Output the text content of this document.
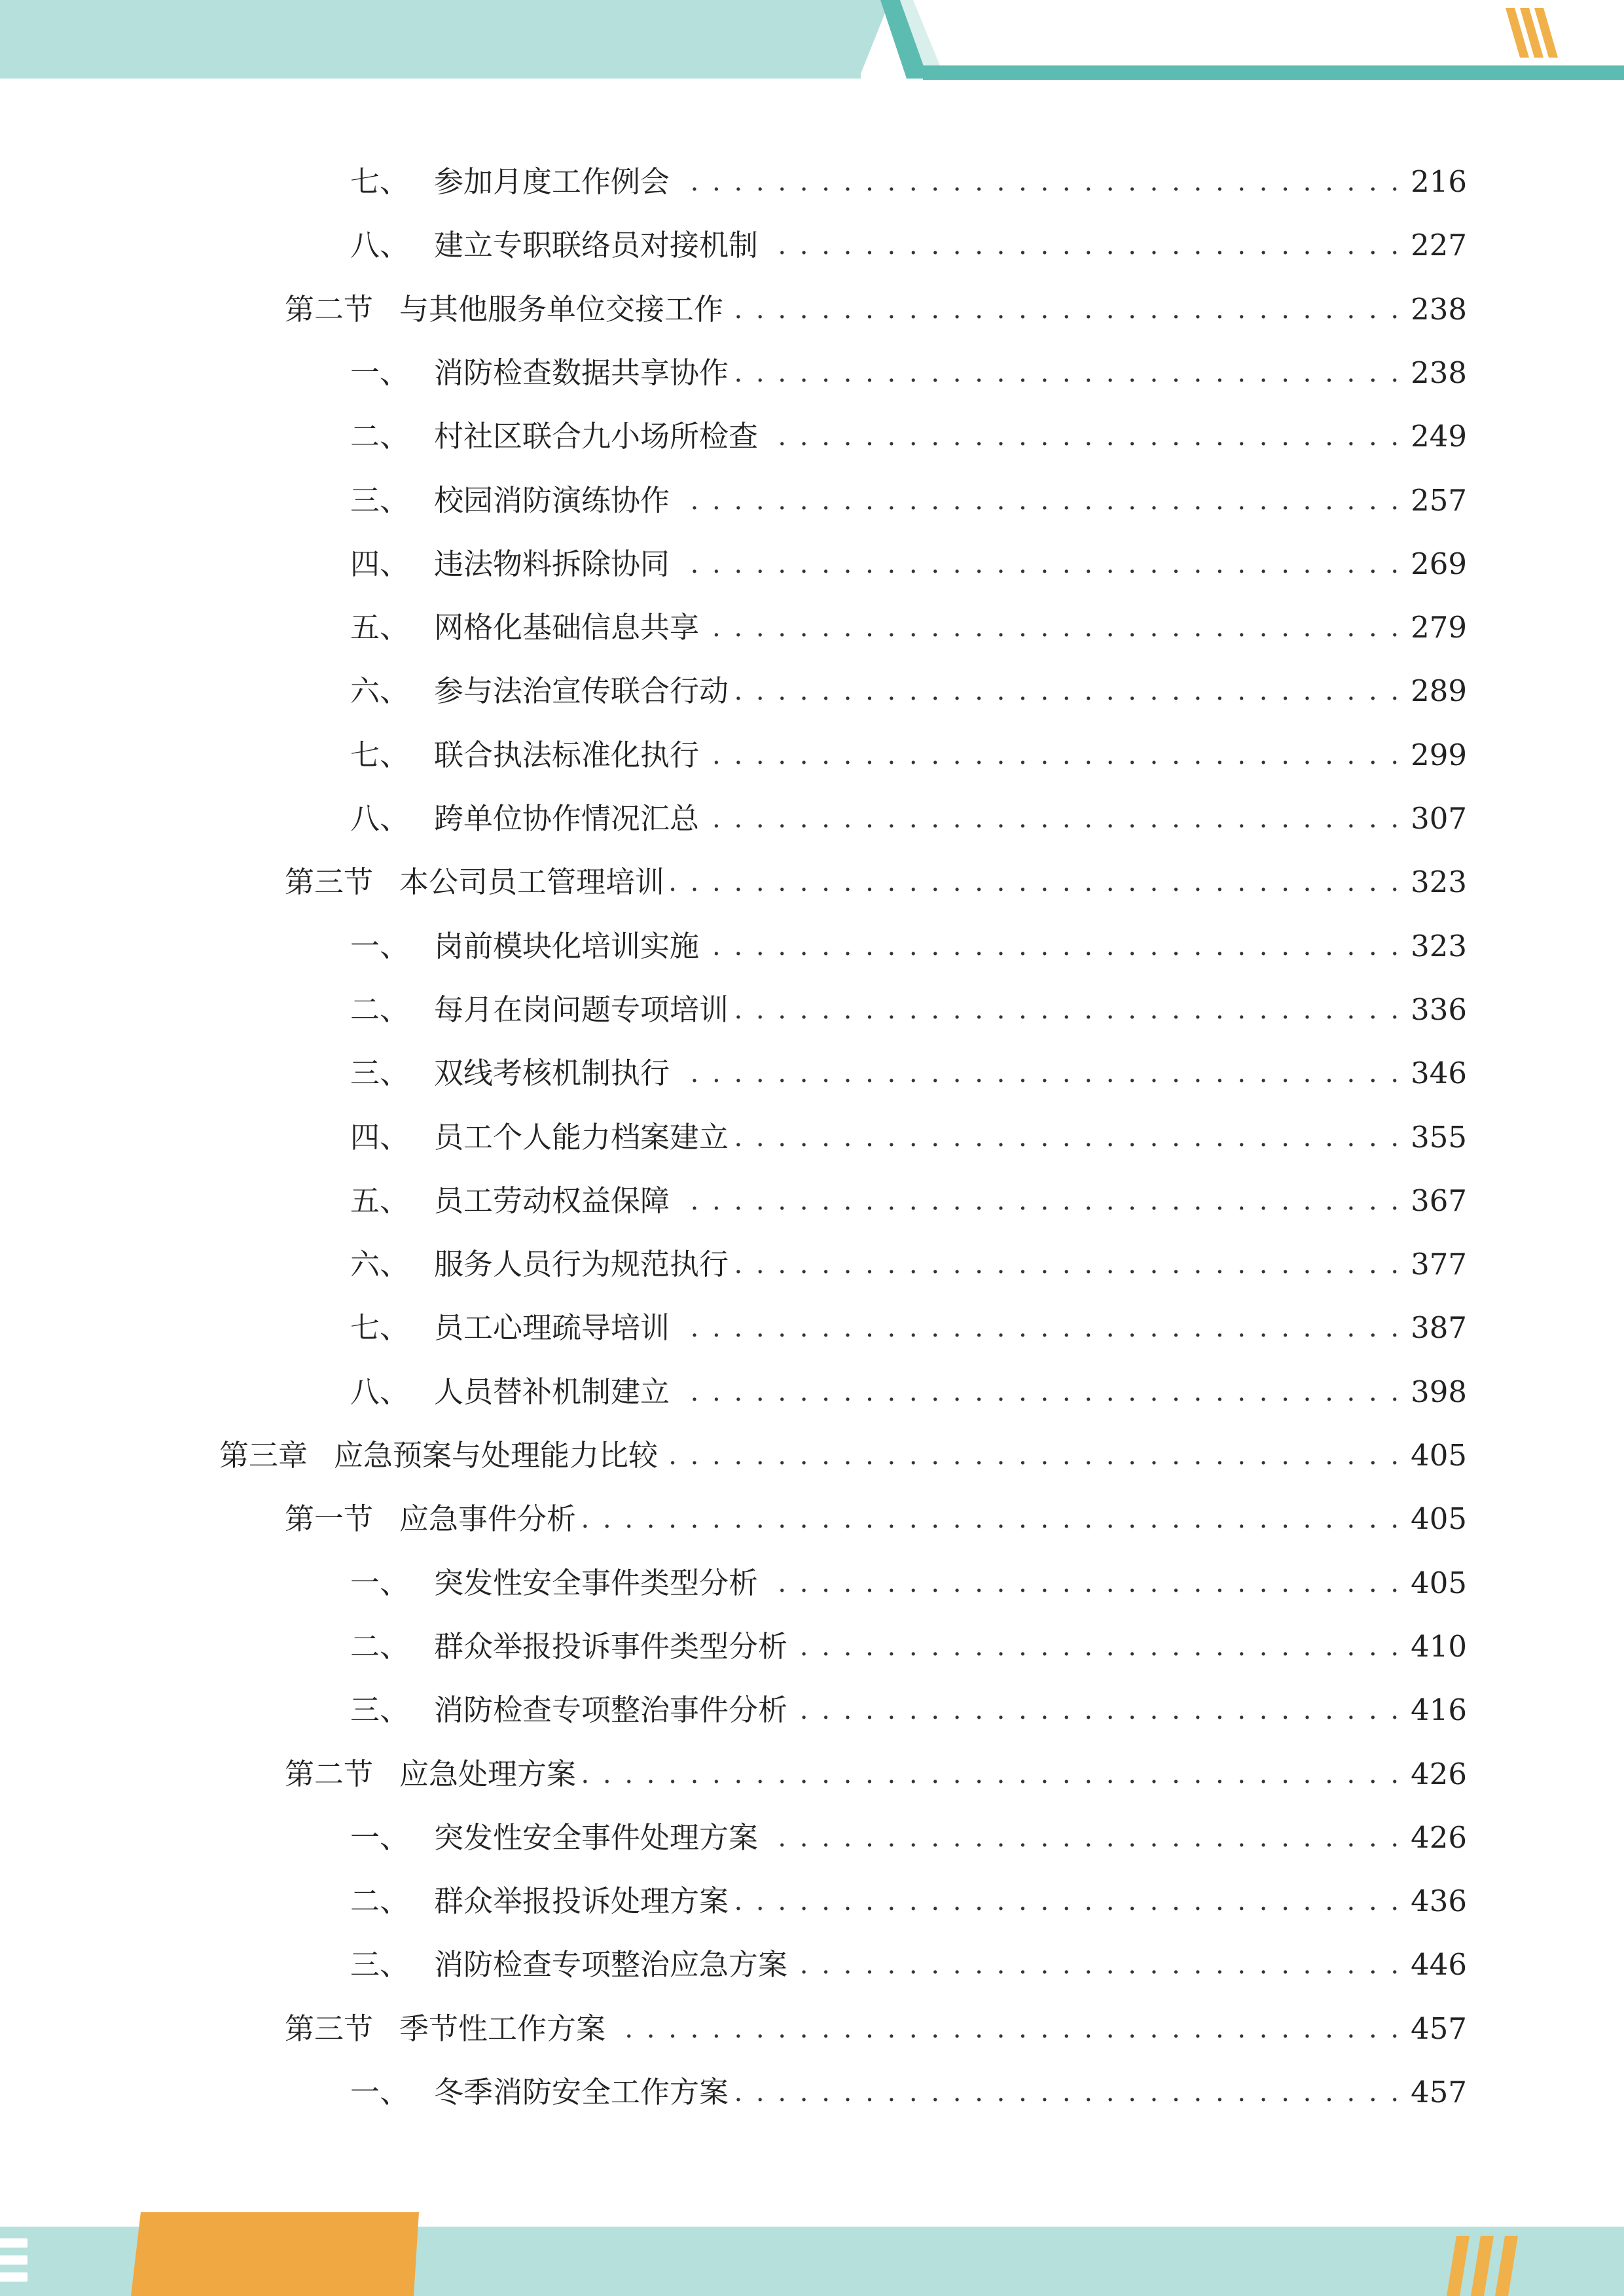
七、 参加月度工作例会 . . .	216
八、 建立专职联络员对接机制 . . .	227
第二节 与其他服务单位交接工作 . . .	238
一、 消防检查数据共享协作 . . .	238
二、 村社区联合九小场所检查 . . .	249
三、 校园消防演练协作 . . .	257
四、 违法物料拆除协同 . . .	269
五、 网格化基础信息共享 . . .	279
六、 参与法治宣传联合行动 . . .	289
七、 联合执法标准化执行 . . .	299
八、 跨单位协作情况汇总 . . .	307
第三节 本公司员工管理培训 . . .	323
一、 岗前模块化培训实施 . . .	323
二、 每月在岗问题专项培训 . . .	336
三、 双线考核机制执行 . . .	346
四、 员工个人能力档案建立 . . .	355
五、 员工劳动权益保障 . . .	367
六、 服务人员行为规范执行 . . .	377
七、 员工心理疏导培训 . . .	387
八、 人员替补机制建立 . . .	398
第三章 应急预案与处理能力比较 . . .	405
第一节 应急事件分析 . . .	405
一、 突发性安全事件类型分析 . . .	405
二、 群众举报投诉事件类型分析 . . .	410
三、 消防检查专项整治事件分析 . . .	416
第二节 应急处理方案 . . .	426
一、 突发性安全事件处理方案 . . .	426
二、 群众举报投诉处理方案 . . .	436
三、 消防检查专项整治应急方案 . . .	446
第三节 季节性工作方案 . . .	457
一、 冬季消防安全工作方案 . . .	457
